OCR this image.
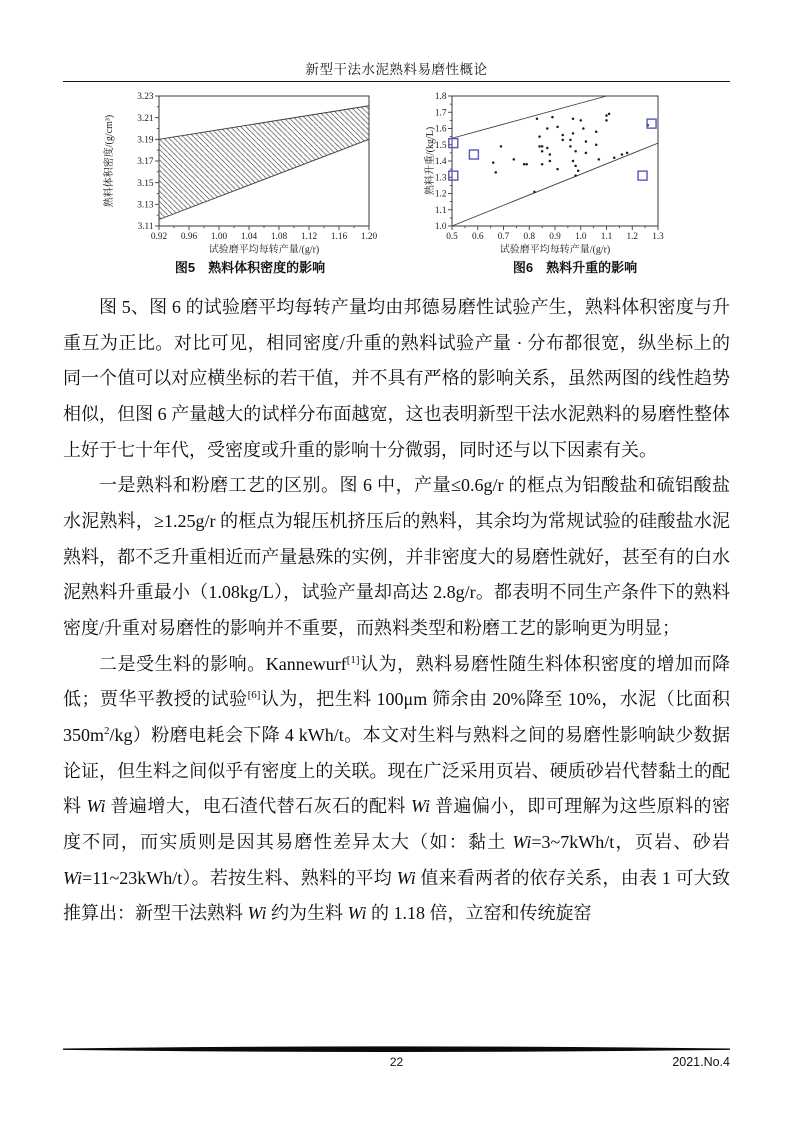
新型干法水泥熟料易磨性概论
0.92 0.96 1.00 1.04 1.08 1.12 1.16 1.20
3.11
3.13
3.15
3.17
3.19
3.21
3.23
试验磨平均每转产量/(g/r)
熟料体积密度/(g/cm³)
0.5 0.6 0.7 0.8 0.9 1.0 1.1 1.2 1.3
1.0
1.1
1.2
1.3
1.4
1.5
1.6
1.7
1.8
试验磨平均每转产量/(g/r)
熟料升重/(kg/L)
图5　熟料体积密度的影响	图6　熟料升重的影响

图 5、图 6 的试验磨平均每转产量均由邦德易磨性试验产生，熟料体积密度与升重互为正比。对比可见，相同密度/升重的熟料试验产量 · 分布都很宽，纵坐标上的同一个值可以对应横坐标的若干值，并不具有严格的影响关系，虽然两图的线性趋势相似，但图 6 产量越大的试样分布面越宽，这也表明新型干法水泥熟料的易磨性整体上好于七十年代，受密度或升重的影响十分微弱，同时还与以下因素有关。

一是熟料和粉磨工艺的区别。图 6 中，产量≤0.6g/r 的框点为铝酸盐和硫铝酸盐水泥熟料，≥1.25g/r 的框点为辊压机挤压后的熟料，其余均为常规试验的硅酸盐水泥熟料，都不乏升重相近而产量悬殊的实例，并非密度大的易磨性就好，甚至有的白水泥熟料升重最小（1.08kg/L），试验产量却高达 2.8g/r。都表明不同生产条件下的熟料密度/升重对易磨性的影响并不重要，而熟料类型和粉磨工艺的影响更为明显；

二是受生料的影响。Kannewurf[1]认为，熟料易磨性随生料体积密度的增加而降低；贾华平教授的试验[6]认为，把生料 100μm 筛余由 20%降至 10%，水泥（比面积 $350m^2/kg$）粉磨电耗会下降 4 kWh/t。本文对生料与熟料之间的易磨性影响缺少数据论证，但生料之间似乎有密度上的关联。现在广泛采用页岩、硬质砂岩代替黏土的配料 Wi 普遍增大，电石渣代替石灰石的配料 Wi 普遍偏小，即可理解为这些原料的密度不同，而实质则是因其易磨性差异太大（如：黏土 Wi=3~7kWh/t，页岩、砂岩 Wi=11~23kWh/t）。若按生料、熟料的平均 Wi 值来看两者的依存关系，由表 1 可大致推算出：新型干法熟料 Wi 约为生料 Wi 的 1.18 倍，立窑和传统旋窑

22	2021.No.4
